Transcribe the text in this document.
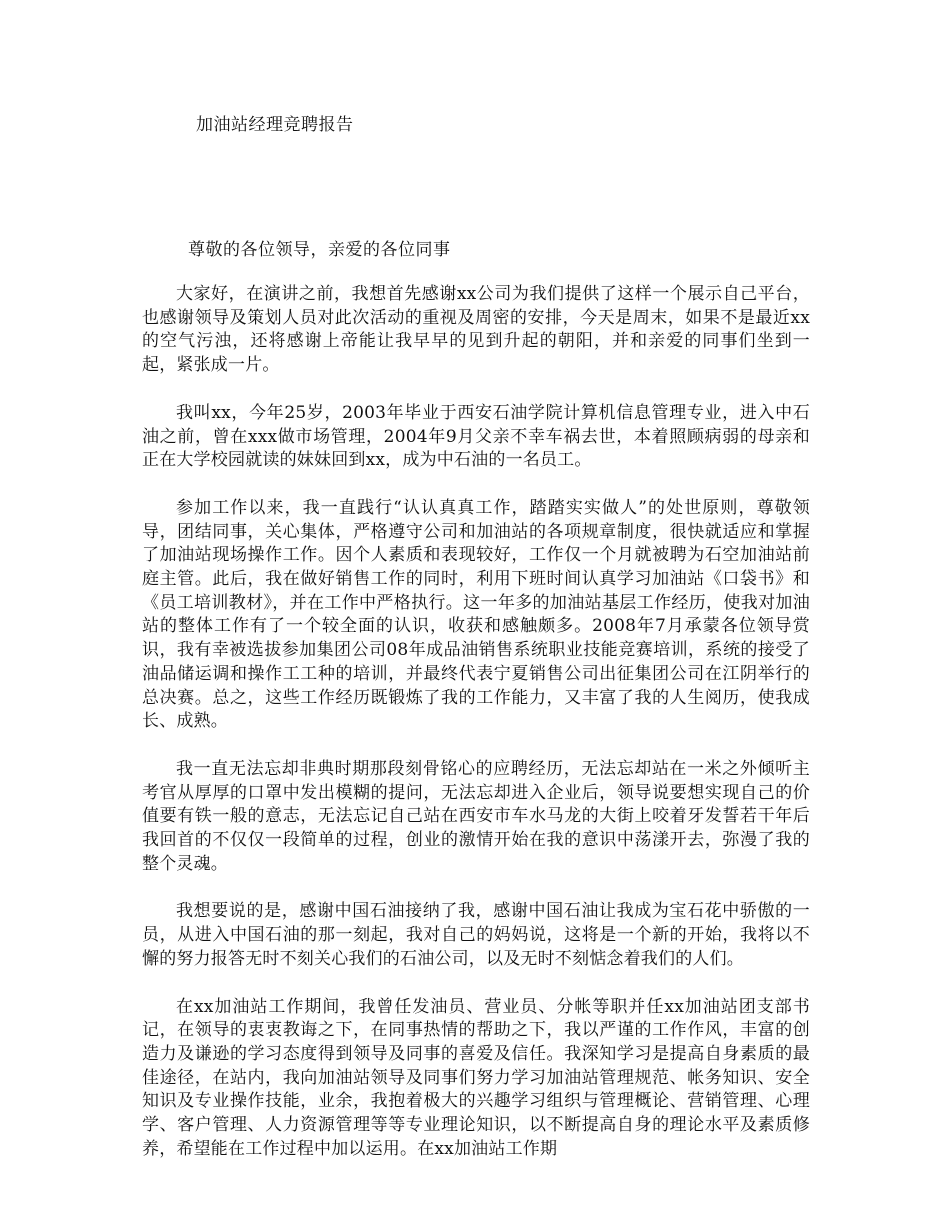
加油站经理竞聘报告
尊敬的各位领导，亲爱的各位同事

大家好，在演讲之前，我想首先感谢xx公司为我们提供了这样一个展示自己平台，也感谢领导及策划人员对此次活动的重视及周密的安排，今天是周末，如果不是最近xx的空气污浊，还将感谢上帝能让我早早的见到升起的朝阳，并和亲爱的同事们坐到一起，紧张成一片。

我叫xx，今年25岁，2003年毕业于西安石油学院计算机信息管理专业，进入中石油之前，曾在xxx做市场管理，2004年9月父亲不幸车祸去世，本着照顾病弱的母亲和正在大学校园就读的妹妹回到xx，成为中石油的一名员工。

参加工作以来，我一直践行“认认真真工作，踏踏实实做人”的处世原则，尊敬领导，团结同事，关心集体，严格遵守公司和加油站的各项规章制度，很快就适应和掌握了加油站现场操作工作。因个人素质和表现较好，工作仅一个月就被聘为石空加油站前庭主管。此后，我在做好销售工作的同时，利用下班时间认真学习加油站《口袋书》和《员工培训教材》，并在工作中严格执行。这一年多的加油站基层工作经历，使我对加油站的整体工作有了一个较全面的认识，收获和感触颇多。2008年7月承蒙各位领导赏识，我有幸被选拔参加集团公司08年成品油销售系统职业技能竞赛培训，系统的接受了油品储运调和操作工工种的培训，并最终代表宁夏销售公司出征集团公司在江阴举行的总决赛。总之，这些工作经历既锻炼了我的工作能力，又丰富了我的人生阅历，使我成长、成熟。

我一直无法忘却非典时期那段刻骨铭心的应聘经历，无法忘却站在一米之外倾听主考官从厚厚的口罩中发出模糊的提问，无法忘却进入企业后，领导说要想实现自己的价值要有铁一般的意志，无法忘记自己站在西安市车水马龙的大街上咬着牙发誓若干年后我回首的不仅仅一段简单的过程，创业的激情开始在我的意识中荡漾开去，弥漫了我的整个灵魂。

我想要说的是，感谢中国石油接纳了我，感谢中国石油让我成为宝石花中骄傲的一员，从进入中国石油的那一刻起，我对自己的妈妈说，这将是一个新的开始，我将以不懈的努力报答无时不刻关心我们的石油公司，以及无时不刻惦念着我们的人们。

在xx加油站工作期间，我曾任发油员、营业员、分帐等职并任xx加油站团支部书记，在领导的衷衷教诲之下，在同事热情的帮助之下，我以严谨的工作作风，丰富的创造力及谦逊的学习态度得到领导及同事的喜爱及信任。我深知学习是提高自身素质的最佳途径，在站内，我向加油站领导及同事们努力学习加油站管理规范、帐务知识、安全知识及专业操作技能，业余，我抱着极大的兴趣学习组织与管理概论、营销管理、心理学、客户管理、人力资源管理等等专业理论知识，以不断提高自身的理论水平及素质修养，希望能在工作过程中加以运用。在xx加油站工作期
